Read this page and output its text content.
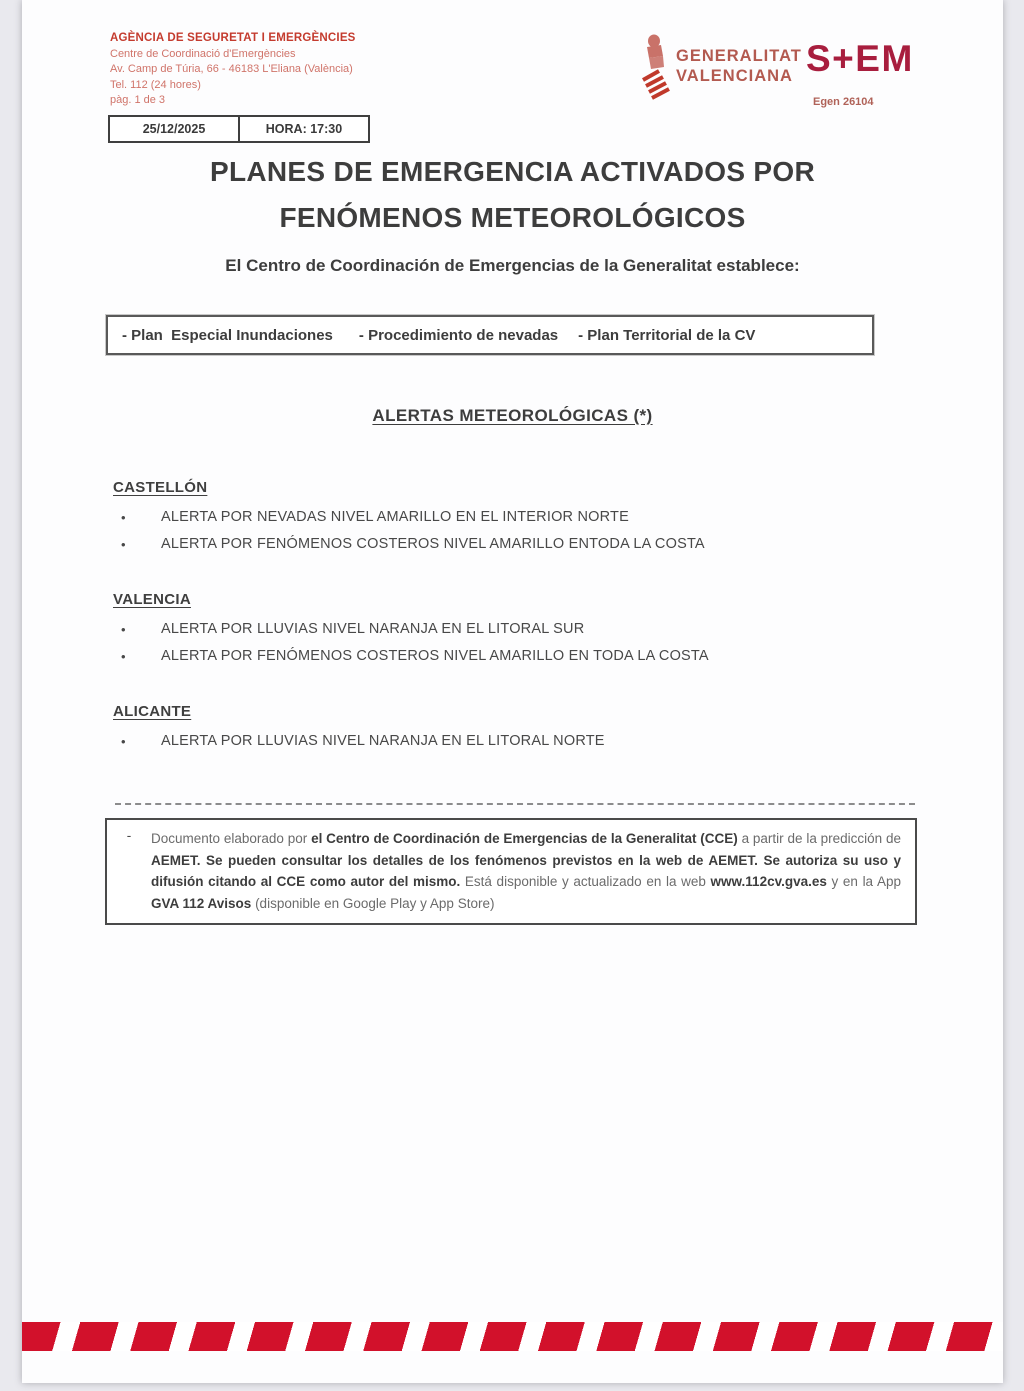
AGÈNCIA DE SEGURETAT I EMERGÈNCIES
Centre de Coordinació d'Emergències
Av. Camp de Túria, 66 - 46183 L'Eliana (València)
Tel. 112 (24 hores)
pàg. 1 de 3
25/12/2025	HORA: 17:30
GENERALITAT
VALENCIANA S+EM
Egen 26104
PLANES DE EMERGENCIA ACTIVADOS POR
FENÓMENOS METEOROLÓGICOS
El Centro de Coordinación de Emergencias de la Generalitat establece:
- Plan  Especial Inundaciones - Procedimiento de nevadas - Plan Territorial de la CV
ALERTAS METEOROLÓGICAS (*)
CASTELLÓN
•	ALERTA POR NEVADAS NIVEL AMARILLO EN EL INTERIOR NORTE
•	ALERTA POR FENÓMENOS COSTEROS NIVEL AMARILLO ENTODA LA COSTA
VALENCIA
•	ALERTA POR LLUVIAS NIVEL NARANJA EN EL LITORAL SUR
•	ALERTA POR FENÓMENOS COSTEROS NIVEL AMARILLO EN TODA LA COSTA
ALICANTE
•	ALERTA POR LLUVIAS NIVEL NARANJA EN EL LITORAL NORTE
-	Documento elaborado por el Centro de Coordinación de Emergencias de la Generalitat (CCE) a partir de la predicción de AEMET. Se pueden consultar los detalles de los fenómenos previstos en la web de AEMET. Se autoriza su uso y difusión citando al CCE como autor del mismo. Está disponible y actualizado en la web www.112cv.gva.es y en la App GVA 112 Avisos (disponible en Google Play y App Store)
